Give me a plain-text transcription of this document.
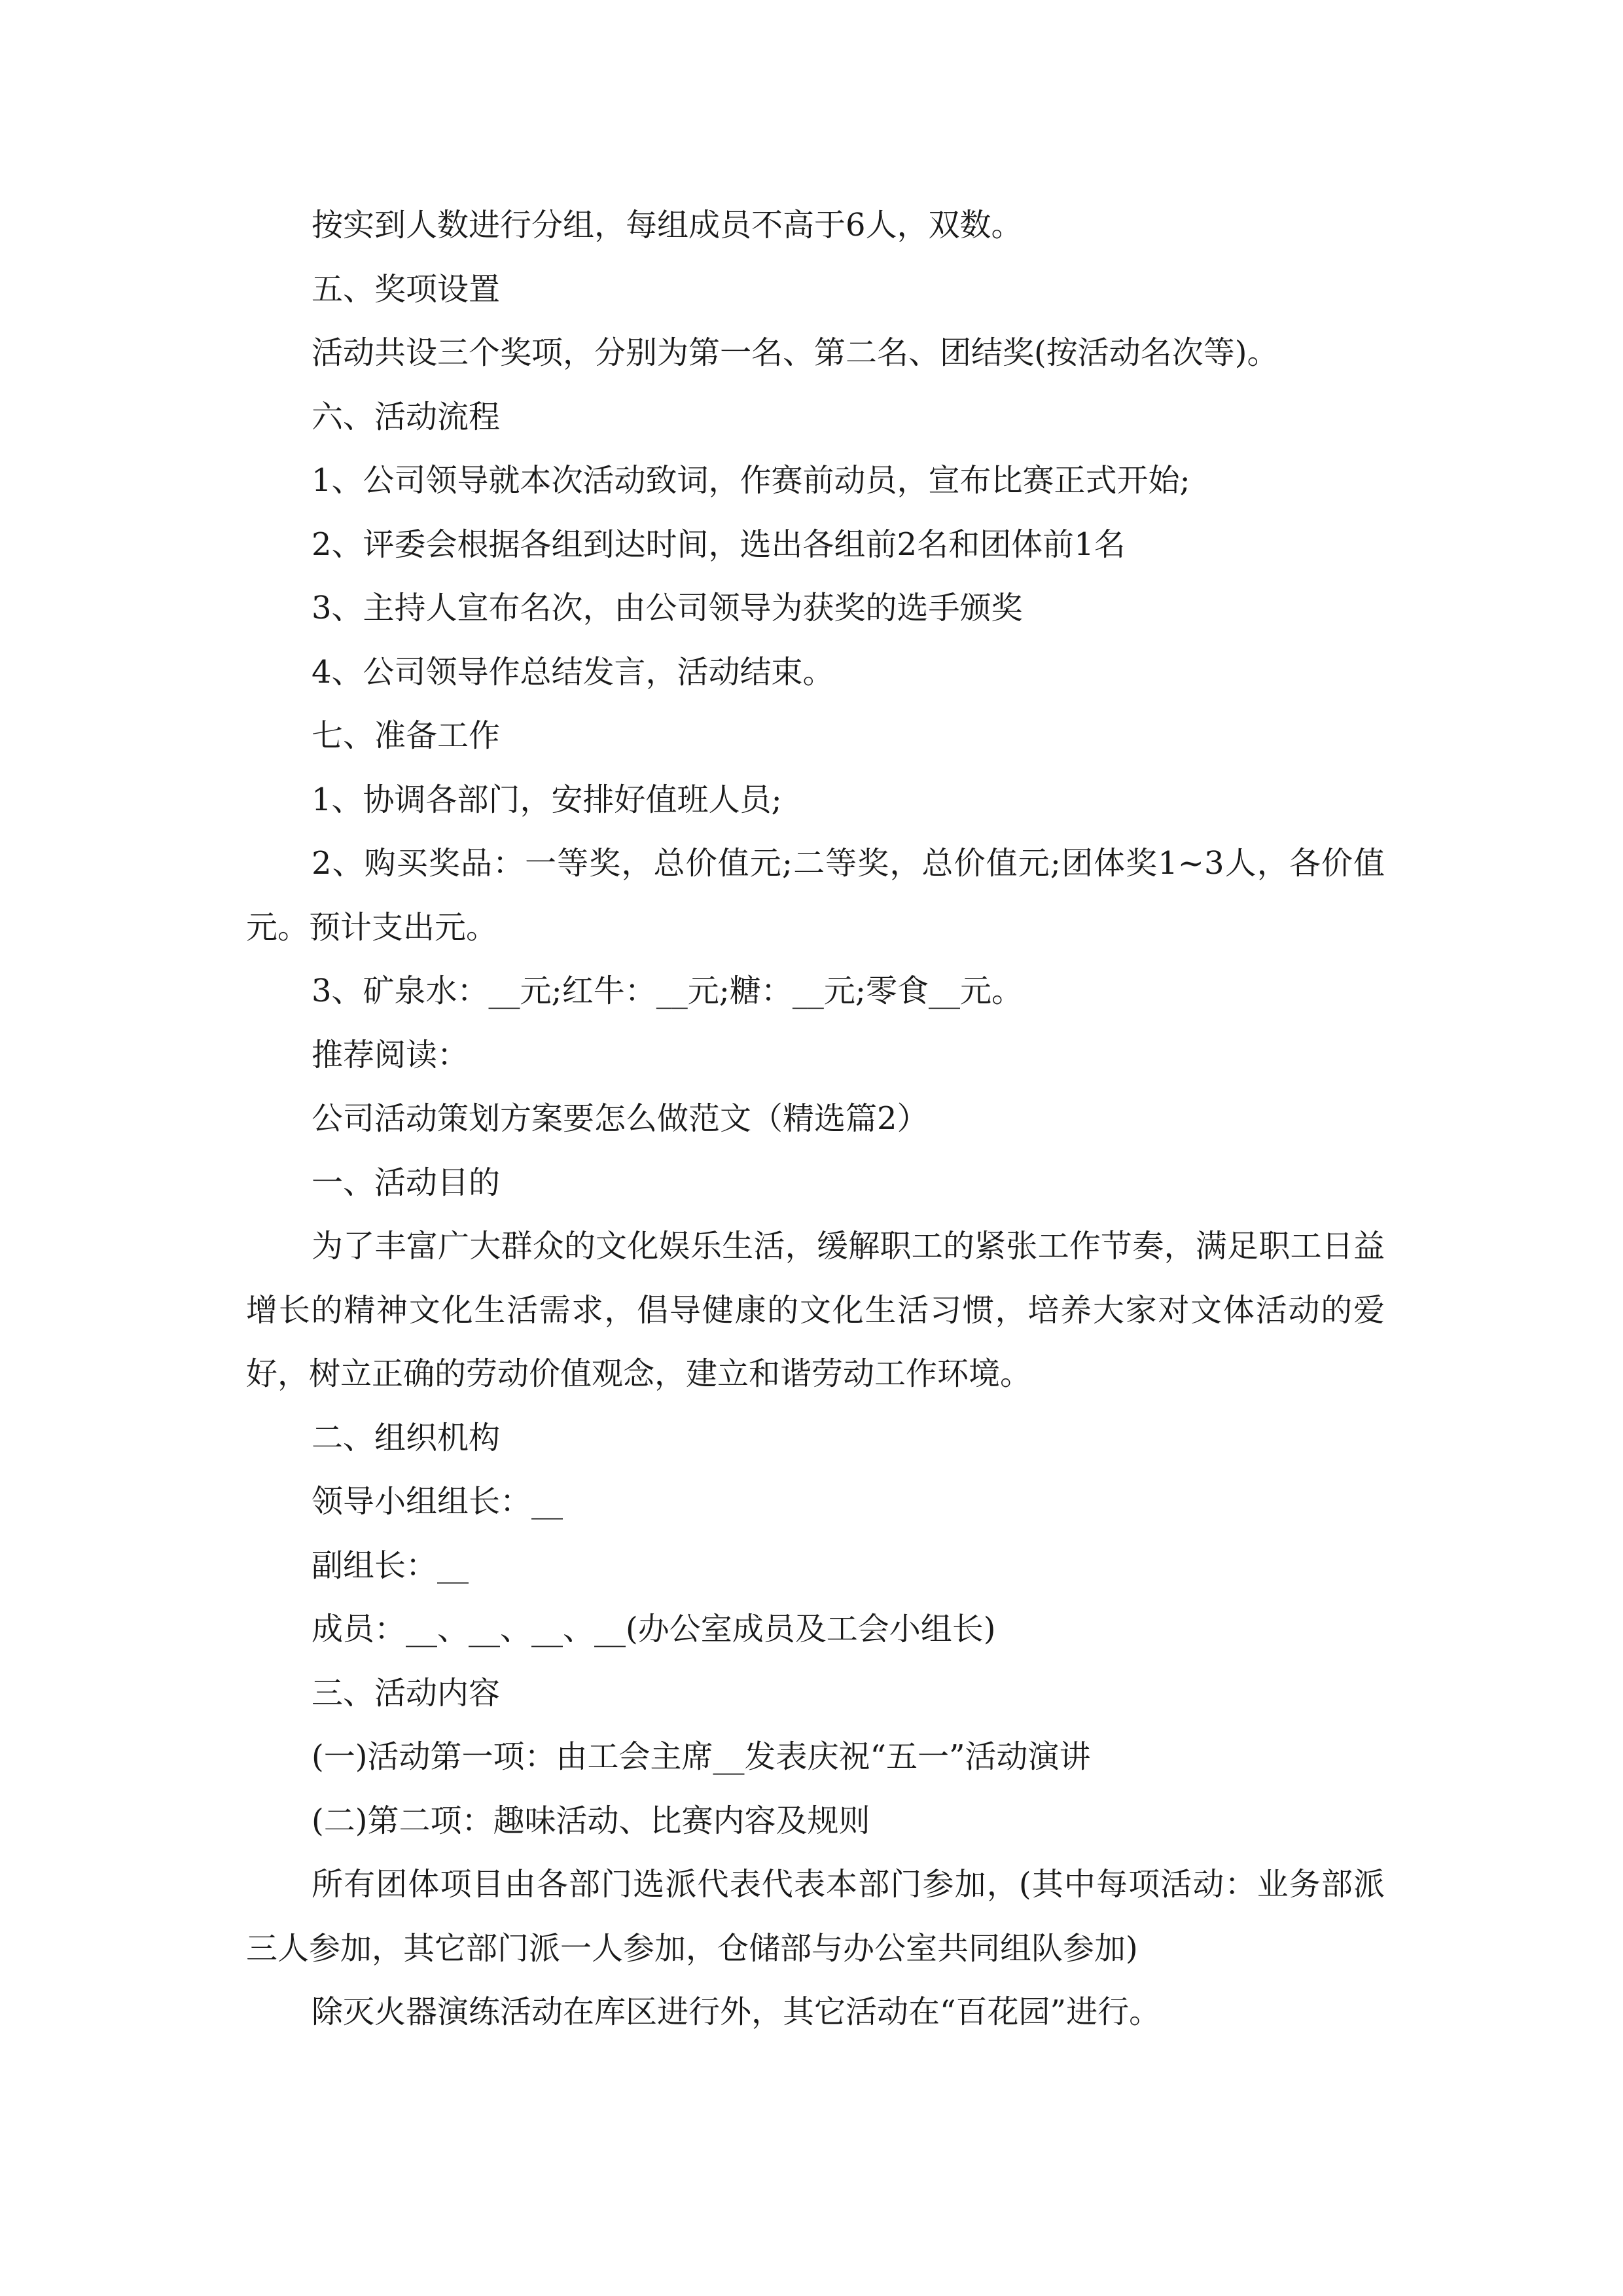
按实到人数进行分组，每组成员不高于6人，双数。

五、奖项设置

活动共设三个奖项，分别为第一名、第二名、团结奖(按活动名次等)。

六、活动流程

1、公司领导就本次活动致词，作赛前动员，宣布比赛正式开始;

2、评委会根据各组到达时间，选出各组前2名和团体前1名

3、主持人宣布名次，由公司领导为获奖的选手颁奖

4、公司领导作总结发言，活动结束。

七、准备工作

1、协调各部门，安排好值班人员;

2、购买奖品：一等奖，总价值元;二等奖，总价值元;团体奖1~3人，各价值元。预计支出元。

3、矿泉水：__元;红牛：__元;糖：__元;零食__元。

推荐阅读：

公司活动策划方案要怎么做范文（精选篇2）

一、活动目的

为了丰富广大群众的文化娱乐生活，缓解职工的紧张工作节奏，满足职工日益增长的精神文化生活需求，倡导健康的文化生活习惯，培养大家对文体活动的爱好，树立正确的劳动价值观念，建立和谐劳动工作环境。

二、组织机构

领导小组组长：__

副组长：__

成员：__、__、__、__(办公室成员及工会小组长)

三、活动内容

(一)活动第一项：由工会主席__发表庆祝“五一”活动演讲

(二)第二项：趣味活动、比赛内容及规则

所有团体项目由各部门选派代表代表本部门参加，(其中每项活动：业务部派三人参加，其它部门派一人参加，仓储部与办公室共同组队参加)

除灭火器演练活动在库区进行外，其它活动在“百花园”进行。
